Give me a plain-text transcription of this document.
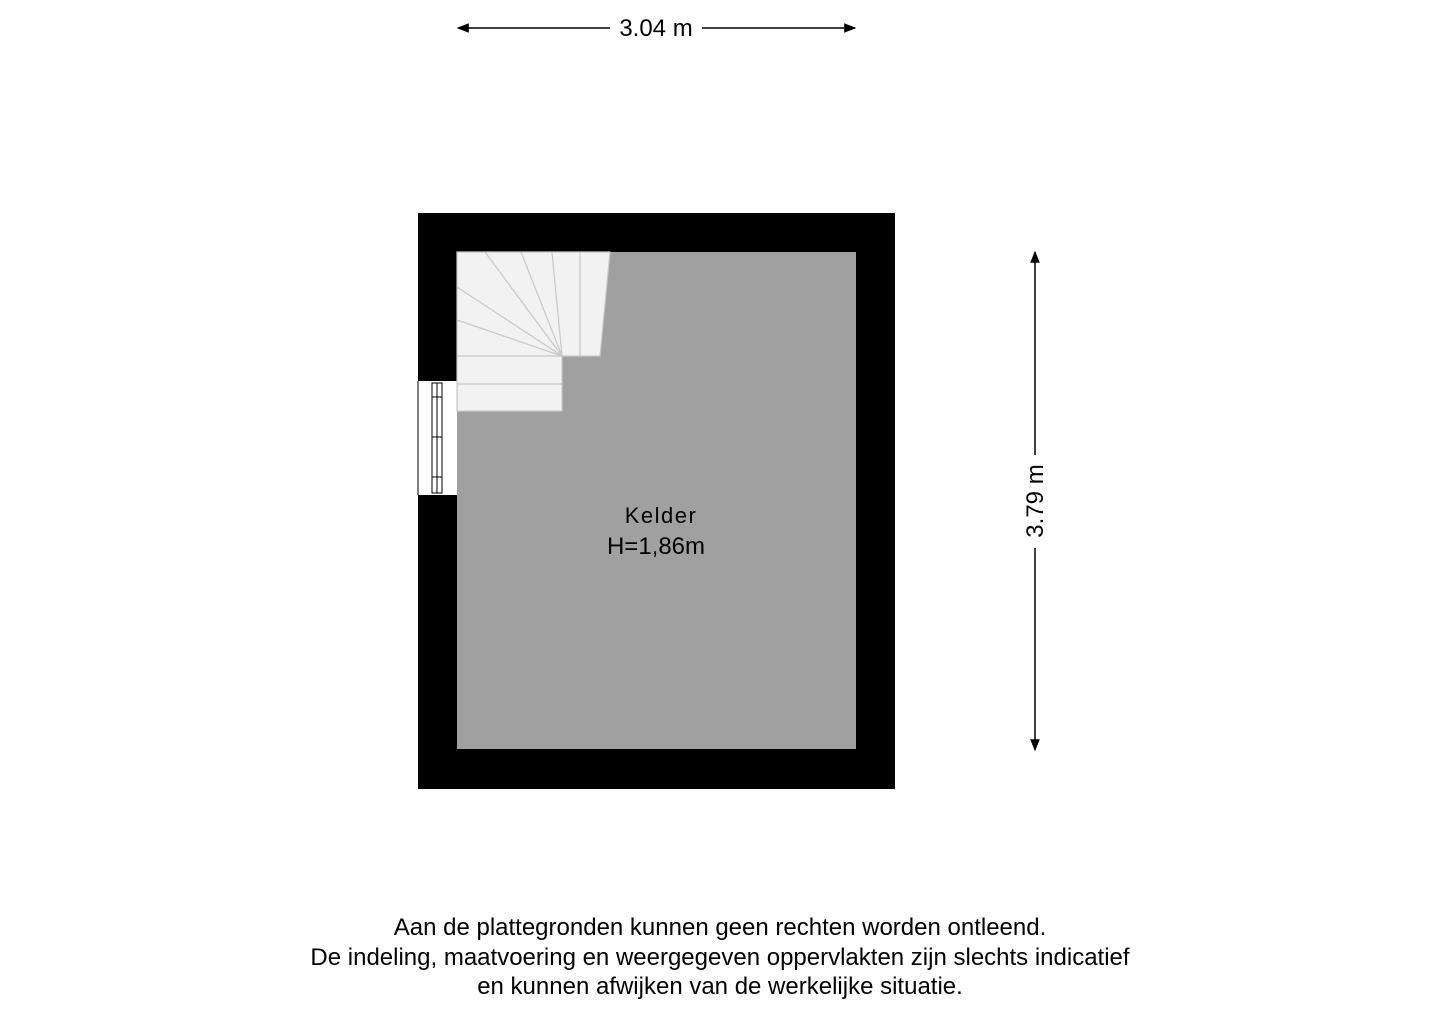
3.04 m
3.79 m
Kelder
H=1,86m
Aan de plattegronden kunnen geen rechten worden ontleend.
De indeling, maatvoering en weergegeven oppervlakten zijn slechts indicatief
en kunnen afwijken van de werkelijke situatie.
